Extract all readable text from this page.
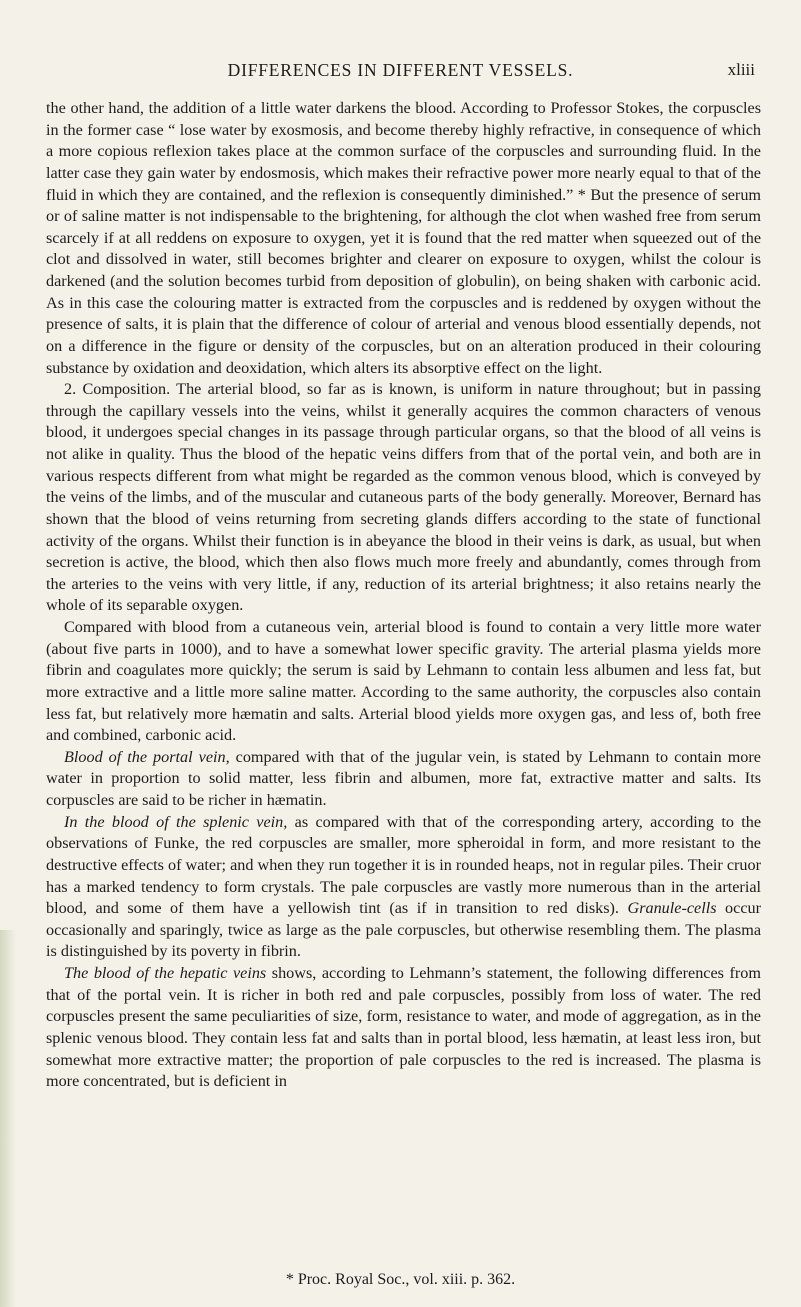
DIFFERENCES IN DIFFERENT VESSELS.	xliii

the other hand, the addition of a little water darkens the blood. According to Professor Stokes, the corpuscles in the former case “ lose water by exosmosis, and become thereby highly refractive, in consequence of which a more copious reflexion takes place at the common surface of the corpuscles and surrounding fluid. In the latter case they gain water by endosmosis, which makes their refractive power more nearly equal to that of the fluid in which they are contained, and the reflexion is consequently diminished.” * But the presence of serum or of saline matter is not indispensable to the brightening, for although the clot when washed free from serum scarcely if at all reddens on exposure to oxygen, yet it is found that the red matter when squeezed out of the clot and dissolved in water, still becomes brighter and clearer on exposure to oxygen, whilst the colour is darkened (and the solution becomes turbid from deposition of globulin), on being shaken with carbonic acid. As in this case the colouring matter is extracted from the corpuscles and is reddened by oxygen without the presence of salts, it is plain that the difference of colour of arterial and venous blood essentially depends, not on a difference in the figure or density of the corpuscles, but on an alteration produced in their colouring substance by oxidation and deoxidation, which alters its absorptive effect on the light.

2. Composition. The arterial blood, so far as is known, is uniform in nature throughout; but in passing through the capillary vessels into the veins, whilst it generally acquires the common characters of venous blood, it undergoes special changes in its passage through particular organs, so that the blood of all veins is not alike in quality. Thus the blood of the hepatic veins differs from that of the portal vein, and both are in various respects different from what might be regarded as the common venous blood, which is conveyed by the veins of the limbs, and of the muscular and cutaneous parts of the body generally. Moreover, Bernard has shown that the blood of veins returning from secreting glands differs according to the state of functional activity of the organs. Whilst their function is in abeyance the blood in their veins is dark, as usual, but when secretion is active, the blood, which then also flows much more freely and abundantly, comes through from the arteries to the veins with very little, if any, reduction of its arterial brightness; it also retains nearly the whole of its separable oxygen.

Compared with blood from a cutaneous vein, arterial blood is found to contain a very little more water (about five parts in 1000), and to have a somewhat lower specific gravity. The arterial plasma yields more fibrin and coagulates more quickly; the serum is said by Lehmann to contain less albumen and less fat, but more extractive and a little more saline matter. According to the same authority, the corpuscles also contain less fat, but relatively more hæmatin and salts. Arterial blood yields more oxygen gas, and less of, both free and combined, carbonic acid.

Blood of the portal vein, compared with that of the jugular vein, is stated by Lehmann to contain more water in proportion to solid matter, less fibrin and albumen, more fat, extractive matter and salts. Its corpuscles are said to be richer in hæmatin.

In the blood of the splenic vein, as compared with that of the corresponding artery, according to the observations of Funke, the red corpuscles are smaller, more spheroidal in form, and more resistant to the destructive effects of water; and when they run together it is in rounded heaps, not in regular piles. Their cruor has a marked tendency to form crystals. The pale corpuscles are vastly more numerous than in the arterial blood, and some of them have a yellowish tint (as if in transition to red disks). Granule-cells occur occasionally and sparingly, twice as large as the pale corpuscles, but otherwise resembling them. The plasma is distinguished by its poverty in fibrin.

The blood of the hepatic veins shows, according to Lehmann’s statement, the following differences from that of the portal vein. It is richer in both red and pale corpuscles, possibly from loss of water. The red corpuscles present the same peculiarities of size, form, resistance to water, and mode of aggregation, as in the splenic venous blood. They contain less fat and salts than in portal blood, less hæmatin, at least less iron, but somewhat more extractive matter; the proportion of pale corpuscles to the red is increased. The plasma is more concentrated, but is deficient in

* Proc. Royal Soc., vol. xiii. p. 362.
